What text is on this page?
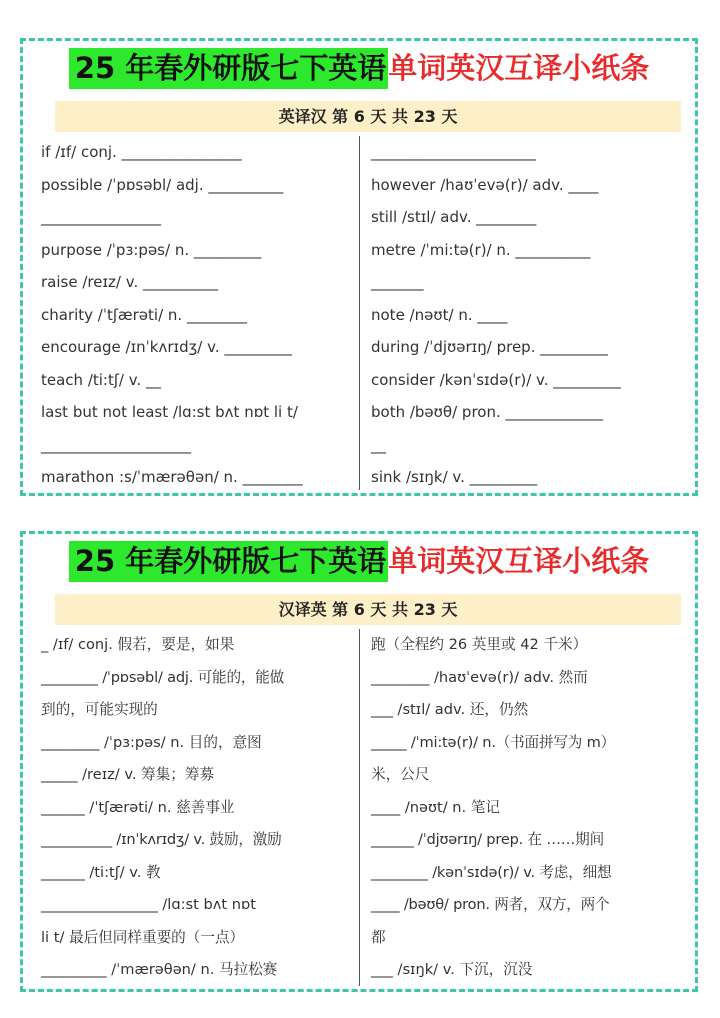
25 年春外研版七下英语单词英汉互译小纸条
英译汉 第 6 天 共 23 天
if /ɪf/ conj. ________________
possible /ˈpɒsəbl/ adj. __________
________________
purpose /ˈpɜ:pəs/ n. _________
raise /reɪz/ v. __________
charity /ˈtʃærəti/ n. ________
encourage /ɪnˈkʌrɪdʒ/ v. _________
teach /ti:tʃ/ v. __
last but not least /lɑ:st bʌt nɒt li t/
____________________
marathon :s/ˈmærəθən/ n. ________
______________________
however /haʊˈevə(r)/ adv. ____
still /stɪl/ adv. ________
metre /ˈmi:tə(r)/ n. __________
_______
note /nəʊt/ n. ____
during /ˈdjʊərɪŋ/ prep. _________
consider /kənˈsɪdə(r)/ v. _________
both /bəʊθ/ pron. _____________
__
sink /sɪŋk/ v. _________
25 年春外研版七下英语单词英汉互译小纸条
汉译英 第 6 天 共 23 天
_ /ɪf/ conj. 假若，要是，如果
________ /ˈpɒsəbl/ adj. 可能的，能做
到的，可能实现的
________ /ˈpɜ:pəs/ n. 目的，意图
_____ /reɪz/ v. 筹集；筹募
______ /ˈtʃærəti/ n. 慈善事业
__________ /ɪnˈkʌrɪdʒ/ v. 鼓励，激励
______ /ti:tʃ/ v. 教
________________ /lɑ:st bʌt nɒt
li t/ 最后但同样重要的（一点）
_________ /ˈmærəθən/ n. 马拉松赛
跑（全程约 26 英里或 42 千米）
________ /haʊˈevə(r)/ adv. 然而
___ /stɪl/ adv. 还，仍然
_____ /ˈmi:tə(r)/ n.（书面拼写为 m）
米，公尺
____ /nəʊt/ n. 笔记
______ /ˈdjʊərɪŋ/ prep. 在 ……期间
________ /kənˈsɪdə(r)/ v. 考虑，细想
____ /bəʊθ/ pron. 两者，双方，两个
都
___ /sɪŋk/ v. 下沉，沉没
